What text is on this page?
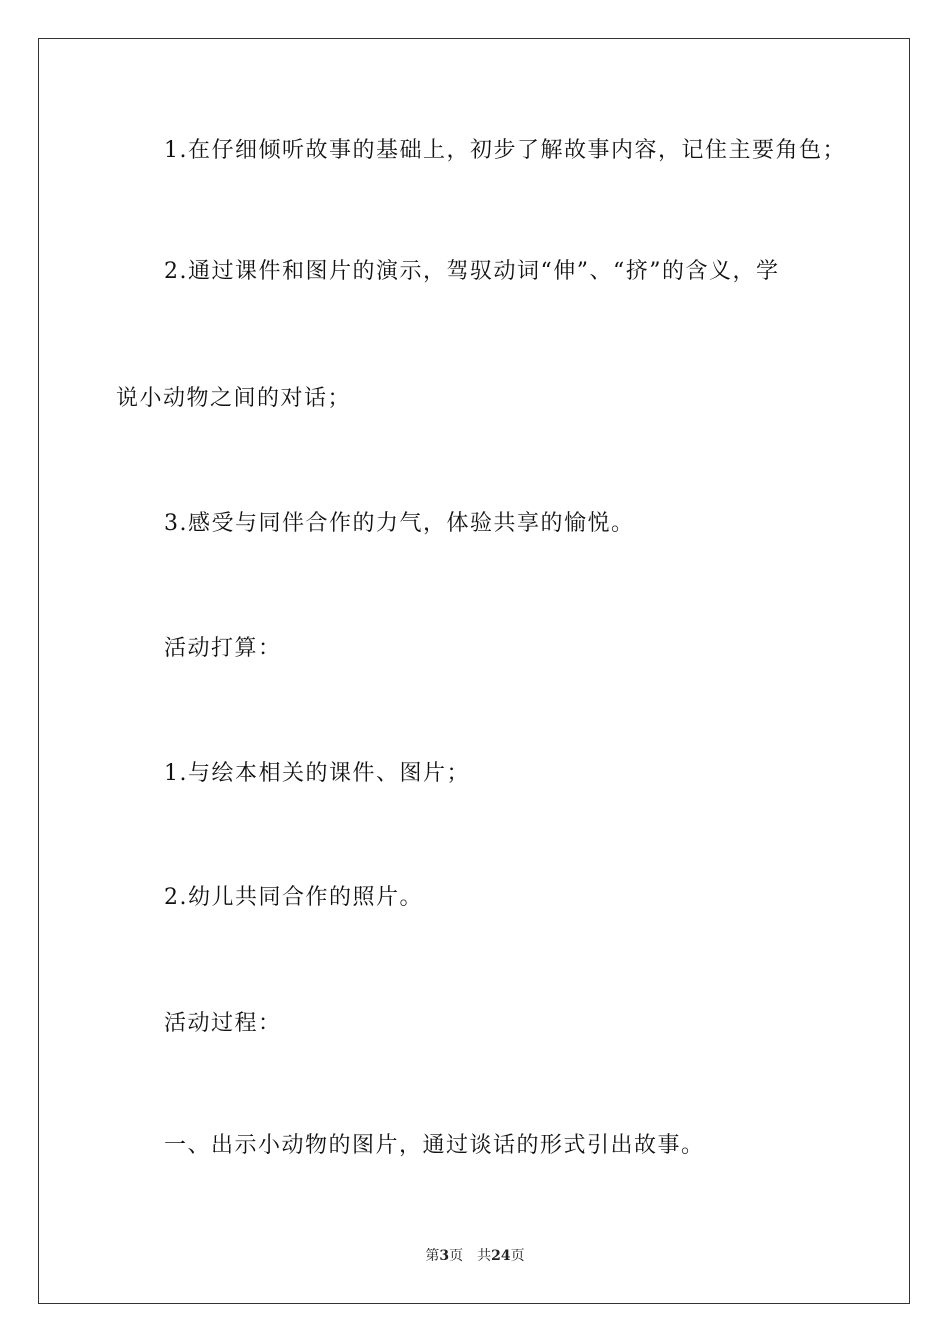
1.在仔细倾听故事的基础上，初步了解故事内容，记住主要角色；
2.通过课件和图片的演示，驾驭动词“伸”、“挤”的含义，学
说小动物之间的对话；
3.感受与同伴合作的力气，体验共享的愉悦。
活动打算：
1.与绘本相关的课件、图片；
2.幼儿共同合作的照片。
活动过程：
一、出示小动物的图片，通过谈话的形式引出故事。
第3页 共24页
